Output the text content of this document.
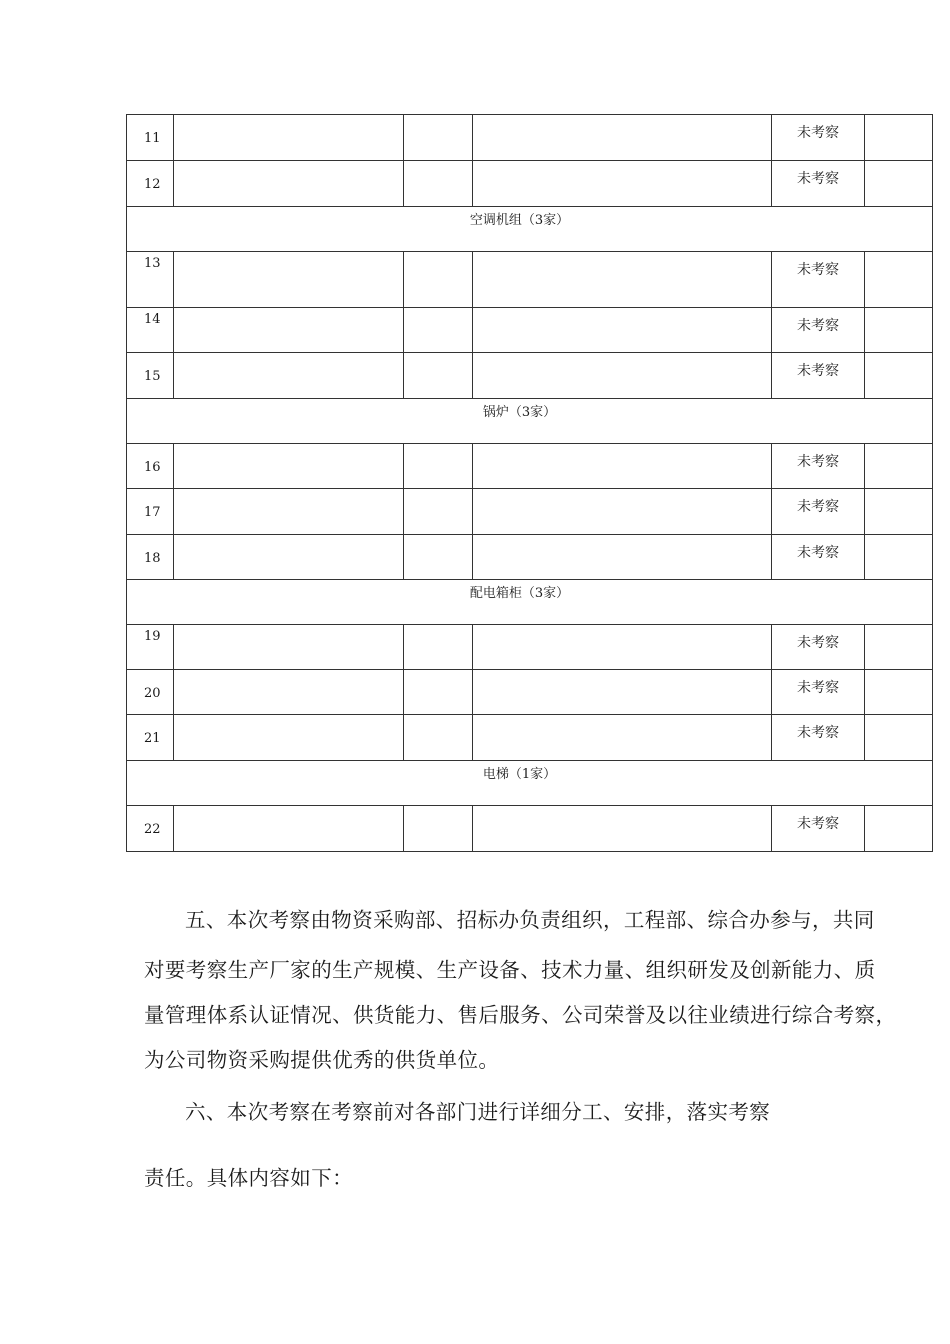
11				未考察	

12				未考察	

空调机组（3家）					

13				未考察	

14				未考察	

15				未考察	

锅炉（3家）					

16				未考察	

17				未考察	

18				未考察	

配电箱柜（3家）					

19				未考察	

20				未考察	

21				未考察	

电梯（1家）					

22				未考察	

五、本次考察由物资采购部、招标办负责组织，工程部、综合办参与，共同

对要考察生产厂家的生产规模、生产设备、技术力量、组织研发及创新能力、质

量管理体系认证情况、供货能力、售后服务、公司荣誉及以往业绩进行综合考察，

为公司物资采购提供优秀的供货单位。

六、本次考察在考察前对各部门进行详细分工、安排，落实考察

责任。具体内容如下：
